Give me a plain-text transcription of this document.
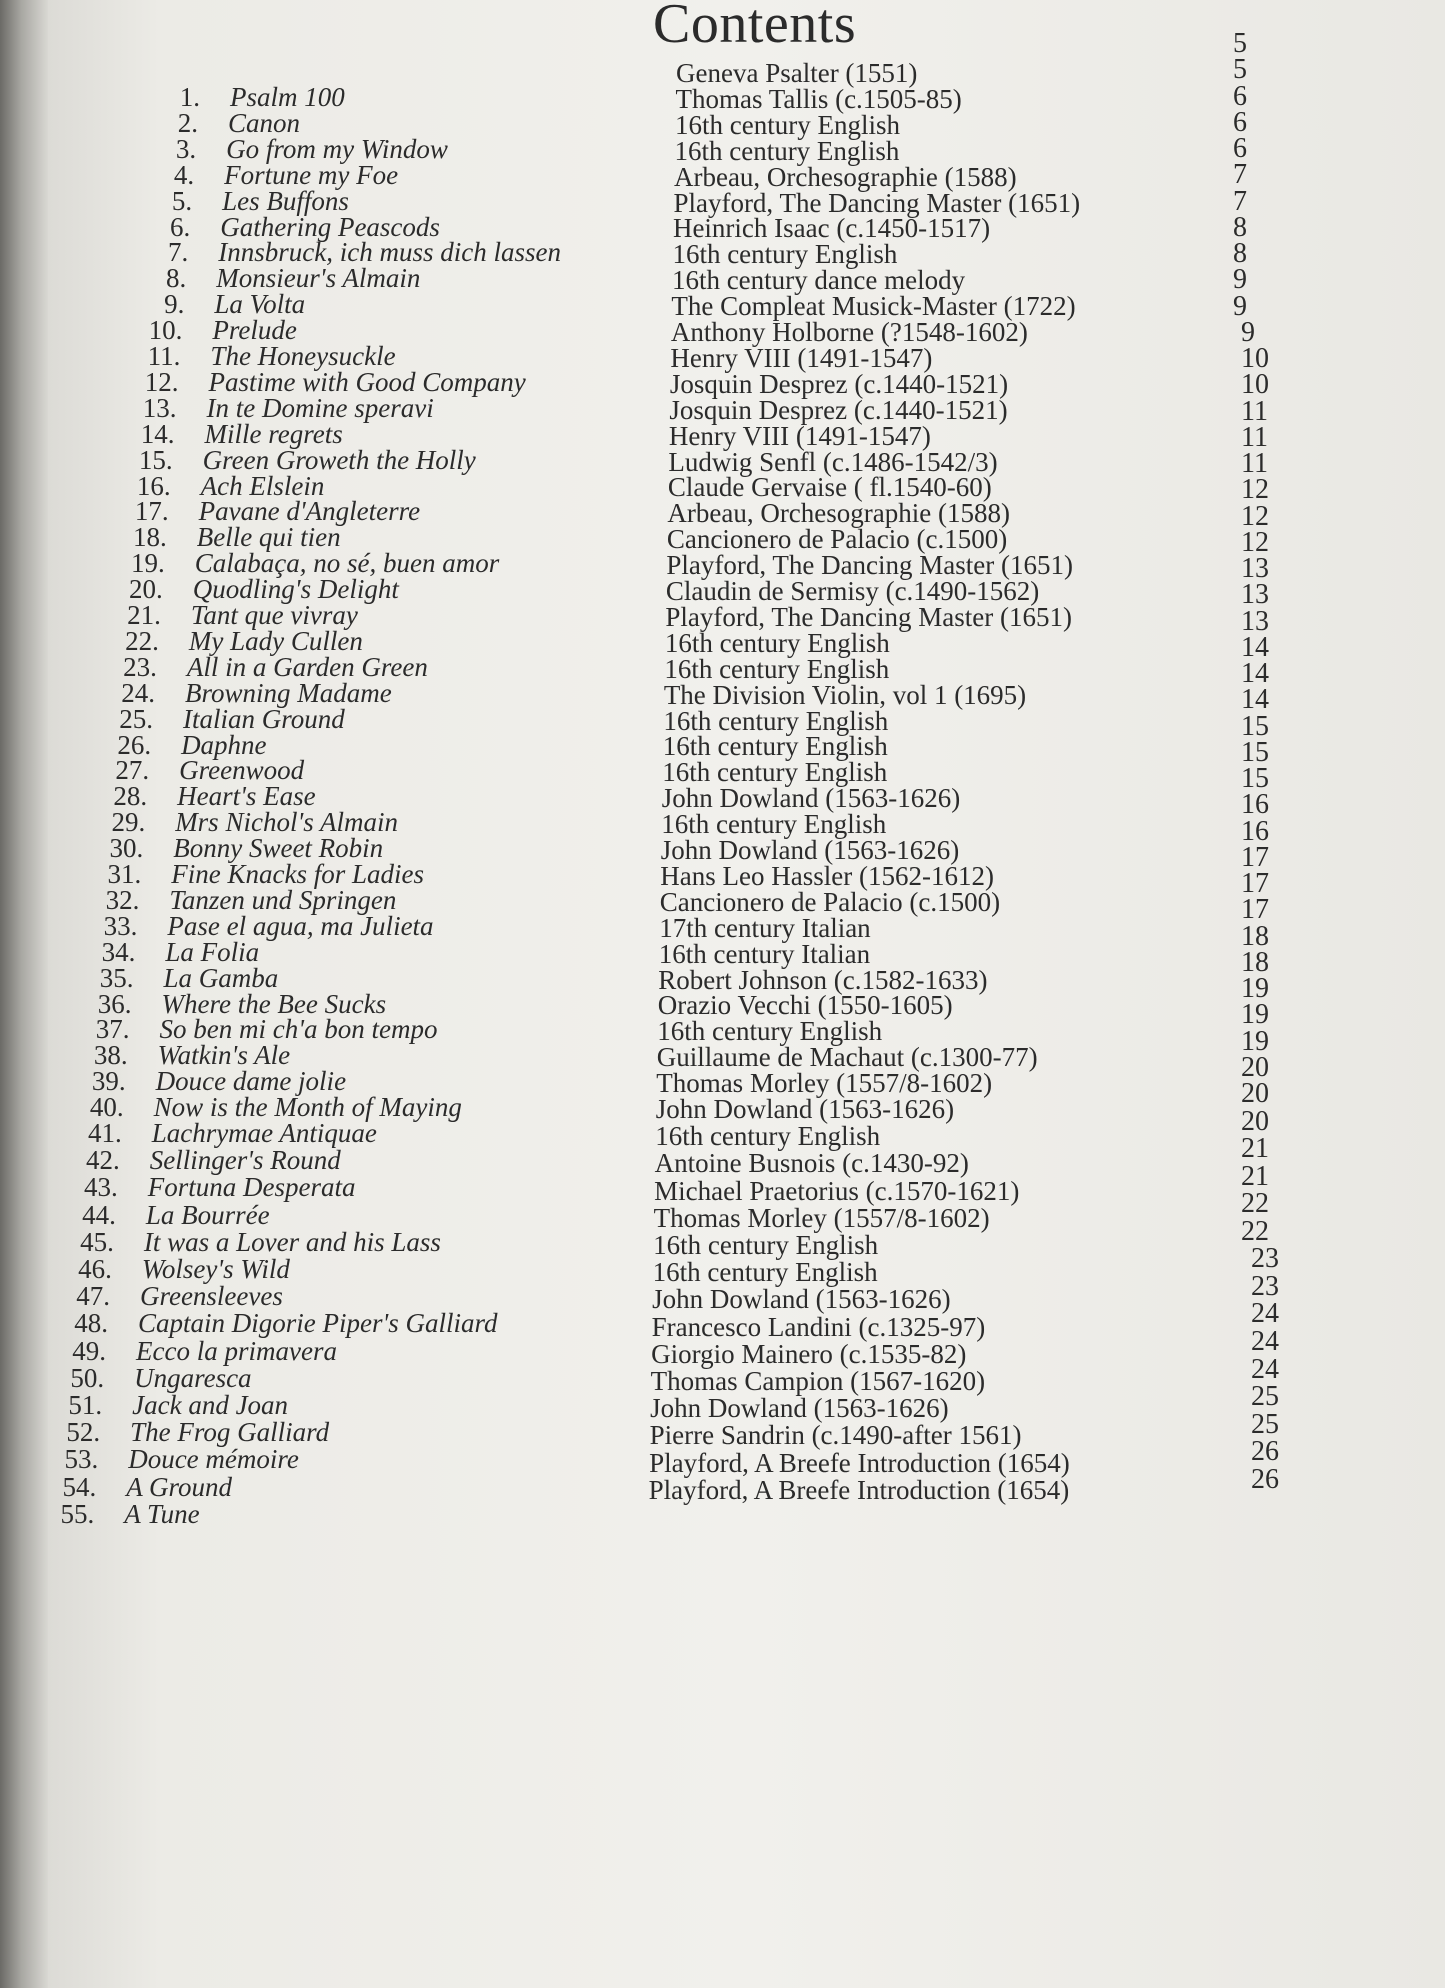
Contents
1. Psalm 100
Geneva Psalter (1551)
5
2. Canon
Thomas Tallis (c.1505-85)
5
3. Go from my Window
16th century English
6
4. Fortune my Foe
16th century English
6
5. Les Buffons
Arbeau, Orchesographie (1588)
6
6. Gathering Peascods
Playford, The Dancing Master (1651)
7
7. Innsbruck, ich muss dich lassen
Heinrich Isaac (c.1450-1517)
7
8. Monsieur's Almain
16th century English
8
9. La Volta
16th century dance melody
8
10. Prelude
The Compleat Musick-Master (1722)
9
11. The Honeysuckle
Anthony Holborne (?1548-1602)
9
12. Pastime with Good Company
Henry VIII (1491-1547)
9
13. In te Domine speravi
Josquin Desprez (c.1440-1521)
10
14. Mille regrets
Josquin Desprez (c.1440-1521)
10
15. Green Groweth the Holly
Henry VIII (1491-1547)
11
16. Ach Elslein
Ludwig Senfl (c.1486-1542/3)
11
17. Pavane d'Angleterre
Claude Gervaise ( fl.1540-60)
11
18. Belle qui tien
Arbeau, Orchesographie (1588)
12
19. Calabaça, no sé, buen amor
Cancionero de Palacio (c.1500)
12
20. Quodling's Delight
Playford, The Dancing Master (1651)
12
21. Tant que vivray
Claudin de Sermisy (c.1490-1562)
13
22. My Lady Cullen
Playford, The Dancing Master (1651)
13
23. All in a Garden Green
16th century English
13
24. Browning Madame
16th century English
14
25. Italian Ground
The Division Violin, vol 1 (1695)
14
26. Daphne
16th century English
14
27. Greenwood
16th century English
15
28. Heart's Ease
16th century English
15
29. Mrs Nichol's Almain
John Dowland (1563-1626)
15
30. Bonny Sweet Robin
16th century English
16
31. Fine Knacks for Ladies
John Dowland (1563-1626)
16
32. Tanzen und Springen
Hans Leo Hassler (1562-1612)
17
33. Pase el agua, ma Julieta
Cancionero de Palacio (c.1500)
17
34. La Folia
17th century Italian
17
35. La Gamba
16th century Italian
18
36. Where the Bee Sucks
Robert Johnson (c.1582-1633)
18
37. So ben mi ch'a bon tempo
Orazio Vecchi (1550-1605)
19
38. Watkin's Ale
16th century English
19
39. Douce dame jolie
Guillaume de Machaut (c.1300-77)
19
40. Now is the Month of Maying
Thomas Morley (1557/8-1602)
20
41. Lachrymae Antiquae
John Dowland (1563-1626)	20
42. Sellinger's Round
16th century English	20
43. Fortuna Desperata
Antoine Busnois (c.1430-92)	21
44. La Bourrée
Michael Praetorius (c.1570-1621)	21
45. It was a Lover and his Lass
Thomas Morley (1557/8-1602)	22
46. Wolsey's Wild
16th century English	22
47. Greensleeves
16th century English	23
48. Captain Digorie Piper's Galliard
John Dowland (1563-1626)	23
49. Ecco la primavera
Francesco Landini (c.1325-97)	24
50. Ungaresca
Giorgio Mainero (c.1535-82)	24
51. Jack and Joan
Thomas Campion (1567-1620)	24
52. The Frog Galliard
John Dowland (1563-1626)	25
53. Douce mémoire
Pierre Sandrin (c.1490-after 1561)	25
54. A Ground
Playford, A Breefe Introduction (1654)	26
55. A Tune
Playford, A Breefe Introduction (1654)	26
